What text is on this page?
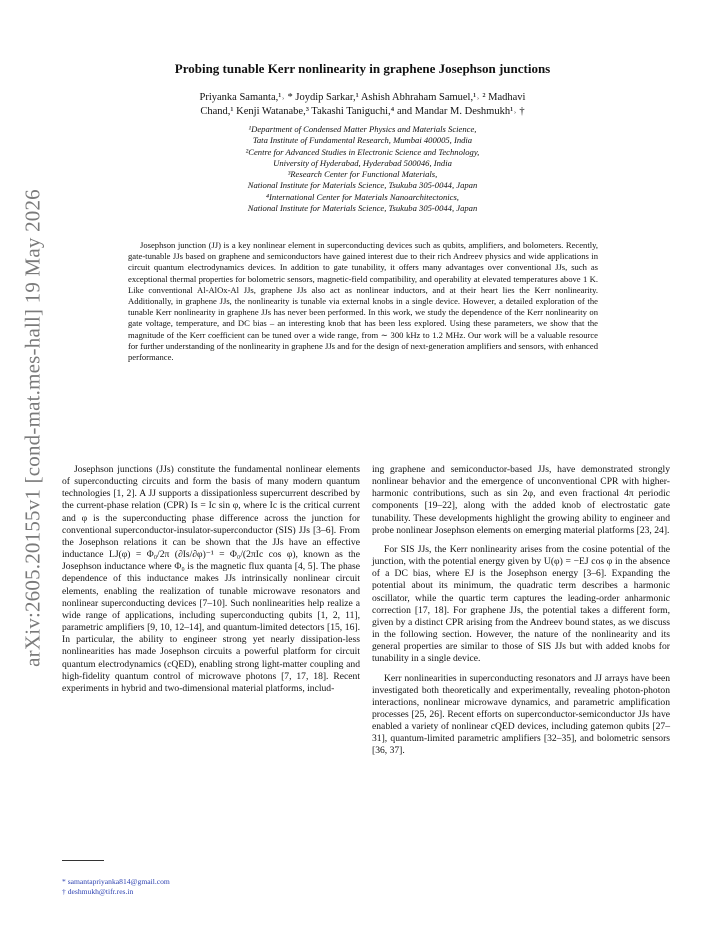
arXiv:2605.20155v1 [cond-mat.mes-hall] 19 May 2026
Probing tunable Kerr nonlinearity in graphene Josephson junctions
Priyanka Samanta,¹˒ * Joydip Sarkar,¹ Ashish Abhraham Samuel,¹˒ ² Madhavi
Chand,¹ Kenji Watanabe,³ Takashi Taniguchi,⁴ and Mandar M. Deshmukh¹˒ †
¹Department of Condensed Matter Physics and Materials Science,
Tata Institute of Fundamental Research, Mumbai 400005, India
²Centre for Advanced Studies in Electronic Science and Technology,
University of Hyderabad, Hyderabad 500046, India
³Research Center for Functional Materials,
National Institute for Materials Science, Tsukuba 305-0044, Japan
⁴International Center for Materials Nanoarchitectonics,
National Institute for Materials Science, Tsukuba 305-0044, Japan
Josephson junction (JJ) is a key nonlinear element in superconducting devices such as qubits, amplifiers, and bolometers. Recently, gate-tunable JJs based on graphene and semiconductors have gained interest due to their rich Andreev physics and wide applications in circuit quantum electrodynamics devices. In addition to gate tunability, it offers many advantages over conventional JJs, such as exceptional thermal properties for bolometric sensors, magnetic-field compatibility, and operability at elevated temperatures above 1 K. Like conventional Al-AlOx-Al JJs, graphene JJs also act as nonlinear inductors, and at their heart lies the Kerr nonlinearity. Additionally, in graphene JJs, the nonlinearity is tunable via external knobs in a single device. However, a detailed exploration of the tunable Kerr nonlinearity in graphene JJs has never been performed. In this work, we study the dependence of the Kerr nonlinearity on gate voltage, temperature, and DC bias – an interesting knob that has been less explored. Using these parameters, we show that the magnitude of the Kerr coefficient can be tuned over a wide range, from ∼ 300 kHz to 1.2 MHz. Our work will be a valuable resource for further understanding of the nonlinearity in graphene JJs and for the design of next-generation amplifiers and sensors, with enhanced performance.

Josephson junctions (JJs) constitute the fundamental nonlinear elements of superconducting circuits and form the basis of many modern quantum technologies [1, 2]. A JJ supports a dissipationless supercurrent described by the current-phase relation (CPR) Is = Ic sin φ, where Ic is the critical current and φ is the superconducting phase difference across the junction for conventional superconductor-insulator-superconductor (SIS) JJs [3–6]. From the Josephson relations it can be shown that the JJs have an effective inductance LJ(φ) = Φ₀/2π (∂Is/∂φ)⁻¹ = Φ₀/(2πIc cos φ), known as the Josephson inductance where Φ₀ is the magnetic flux quanta [4, 5]. The phase dependence of this inductance makes JJs intrinsically nonlinear circuit elements, enabling the realization of tunable microwave resonators and nonlinear superconducting devices [7–10]. Such nonlinearities help realize a wide range of applications, including superconducting qubits [1, 2, 11], parametric amplifiers [9, 10, 12–14], and quantum-limited detectors [15, 16]. In particular, the ability to engineer strong yet nearly dissipation-less nonlinearities has made Josephson circuits a powerful platform for circuit quantum electrodynamics (cQED), enabling strong light-matter coupling and high-fidelity quantum control of microwave photons [7, 17, 18]. Recent experiments in hybrid and two-dimensional material platforms, includ-

ing graphene and semiconductor-based JJs, have demonstrated strongly nonlinear behavior and the emergence of unconventional CPR with higher-harmonic contributions, such as sin 2φ, and even fractional 4π periodic components [19–22], along with the added knob of electrostatic gate tunability. These developments highlight the growing ability to engineer and probe nonlinear Josephson elements on emerging material platforms [23, 24].

For SIS JJs, the Kerr nonlinearity arises from the cosine potential of the junction, with the potential energy given by U(φ) = −EJ cos φ in the absence of a DC bias, where EJ is the Josephson energy [3–6]. Expanding the potential about its minimum, the quadratic term describes a harmonic oscillator, while the quartic term captures the leading-order anharmonic correction [17, 18]. For graphene JJs, the potential takes a different form, given by a distinct CPR arising from the Andreev bound states, as we discuss in the following section. However, the nature of the nonlinearity and its general properties are similar to those of SIS JJs but with added knobs for tunability in a single device.

Kerr nonlinearities in superconducting resonators and JJ arrays have been investigated both theoretically and experimentally, revealing photon-photon interactions, nonlinear microwave dynamics, and parametric amplification processes [25, 26]. Recent efforts on superconductor-semiconductor JJs have enabled a variety of nonlinear cQED devices, including gatemon qubits [27–31], quantum-limited parametric amplifiers [32–35], and bolometric sensors [36, 37].

* samantapriyanka814@gmail.com
† deshmukh@tifr.res.in
